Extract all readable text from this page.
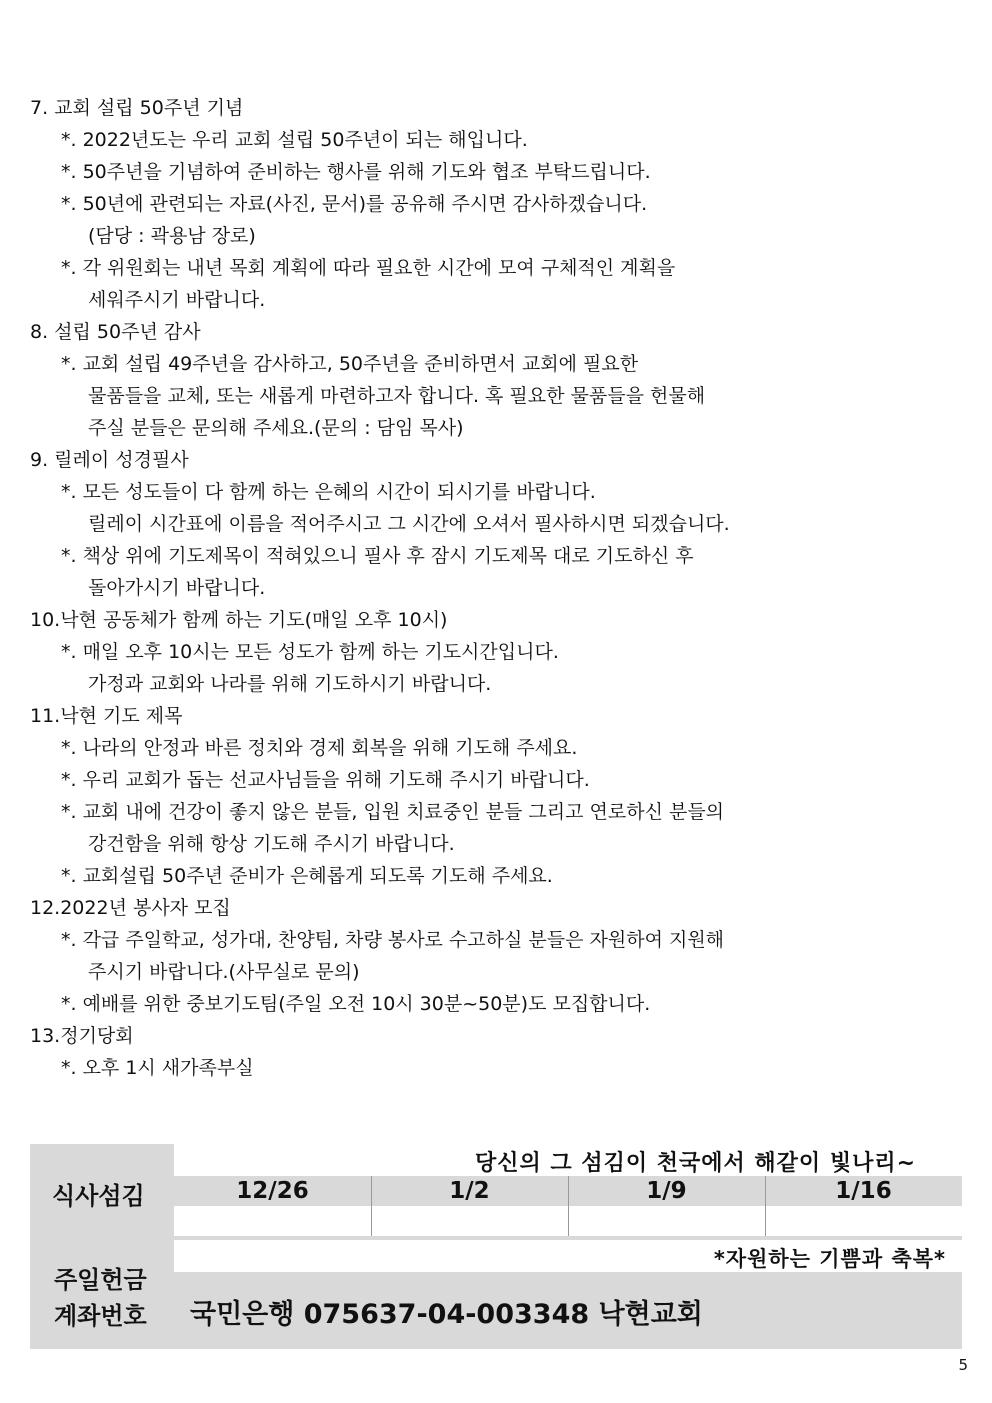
7. 교회 설립 50주년 기념
*. 2022년도는 우리 교회 설립 50주년이 되는 해입니다.
*. 50주년을 기념하여 준비하는 행사를 위해 기도와 협조 부탁드립니다.
*. 50년에 관련되는 자료(사진, 문서)를 공유해 주시면 감사하겠습니다.
(담당 : 곽용남 장로)
*. 각 위원회는 내년 목회 계획에 따라 필요한 시간에 모여 구체적인 계획을
세워주시기 바랍니다.
8. 설립 50주년 감사
*. 교회 설립 49주년을 감사하고, 50주년을 준비하면서 교회에 필요한
물품들을 교체, 또는 새롭게 마련하고자 합니다. 혹 필요한 물품들을 헌물해
주실 분들은 문의해 주세요.(문의 : 담임 목사)
9. 릴레이 성경필사
*. 모든 성도들이 다 함께 하는 은혜의 시간이 되시기를 바랍니다.
릴레이 시간표에 이름을 적어주시고 그 시간에 오셔서 필사하시면 되겠습니다.
*. 책상 위에 기도제목이 적혀있으니 필사 후 잠시 기도제목 대로 기도하신 후
돌아가시기 바랍니다.
10.낙현 공동체가 함께 하는 기도(매일 오후 10시)
*. 매일 오후 10시는 모든 성도가 함께 하는 기도시간입니다.
가정과 교회와 나라를 위해 기도하시기 바랍니다.
11.낙현 기도 제목
*. 나라의 안정과 바른 정치와 경제 회복을 위해 기도해 주세요.
*. 우리 교회가 돕는 선교사님들을 위해 기도해 주시기 바랍니다.
*. 교회 내에 건강이 좋지 않은 분들, 입원 치료중인 분들 그리고 연로하신 분들의
강건함을 위해 항상 기도해 주시기 바랍니다.
*. 교회설립 50주년 준비가 은혜롭게 되도록 기도해 주세요.
12.2022년 봉사자 모집
*. 각급 주일학교, 성가대, 찬양팀, 차량 봉사로 수고하실 분들은 자원하여 지원해
주시기 바랍니다.(사무실로 문의)
*. 예배를 위한 중보기도팀(주일 오전 10시 30분~50분)도 모집합니다.
13.정기당회
*. 오후 1시 새가족부실
당신의 그 섬김이 천국에서 해같이 빛나리~
식사섬김	12/26	1/2	1/9	1/16
주일헌금
계좌번호
*자원하는 기쁨과 축복*
국민은행 075637-04-003348 낙현교회
5
